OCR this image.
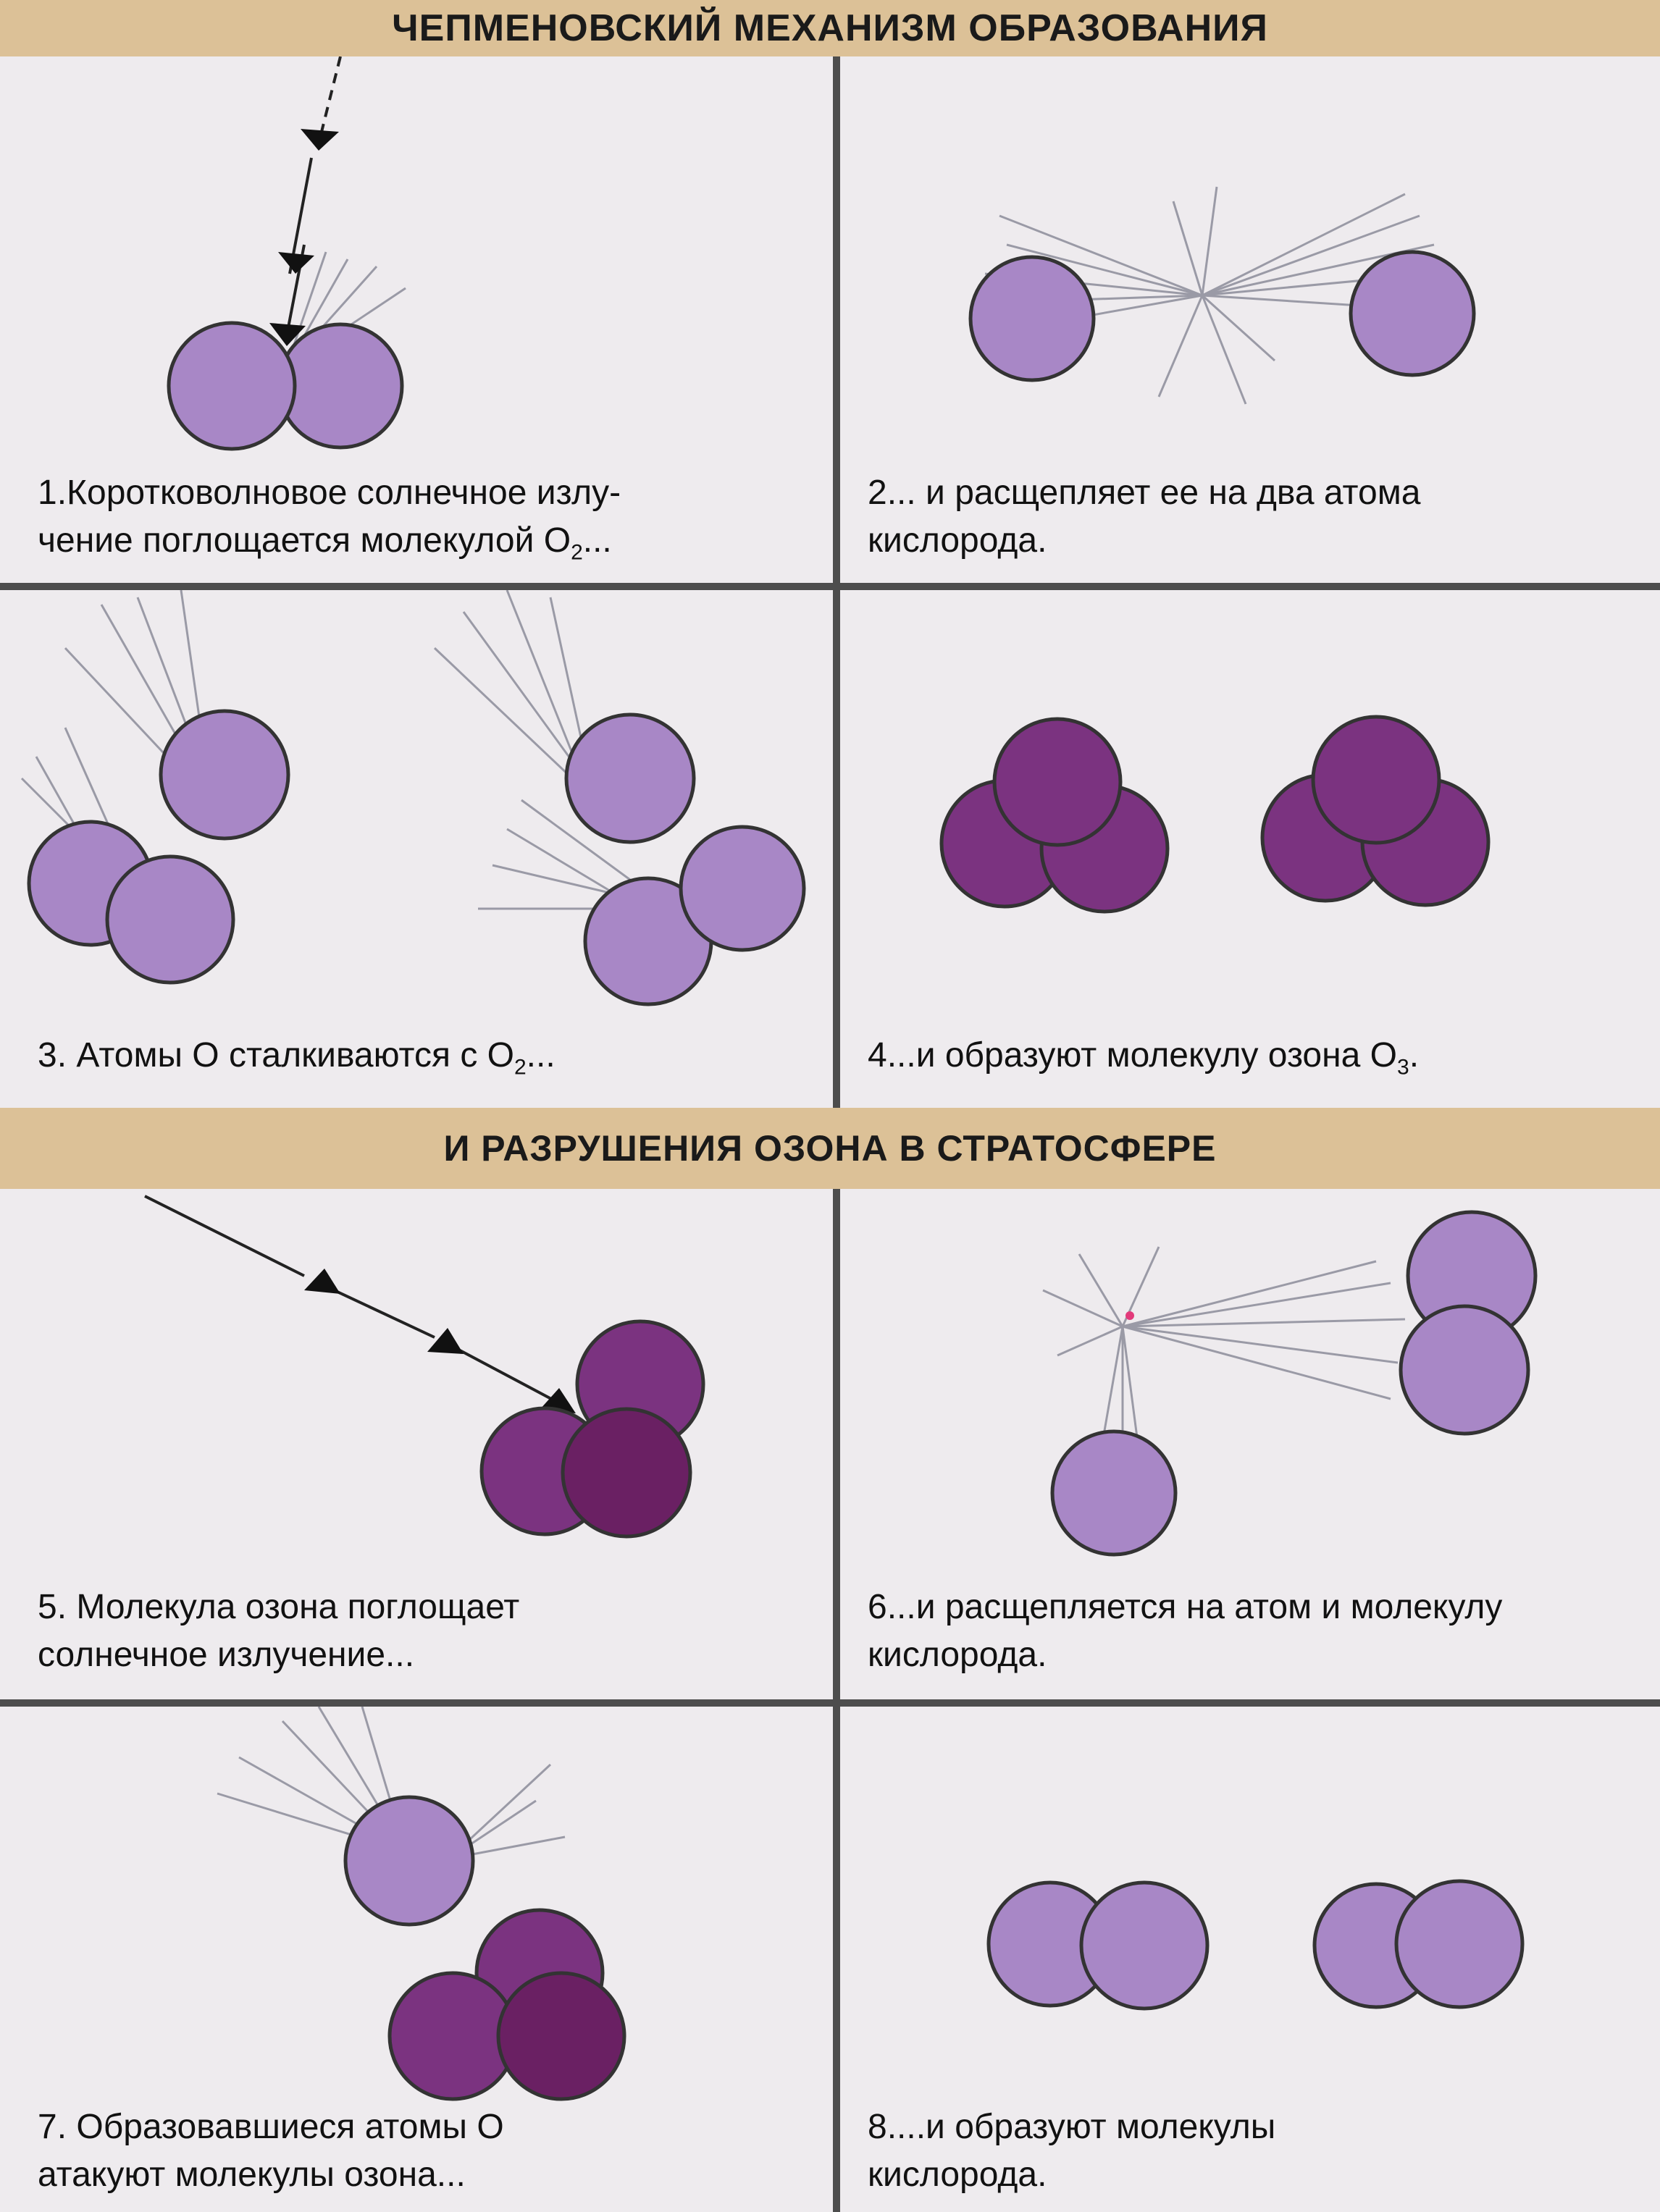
ЧЕПМЕНОВСКИЙ МЕХАНИЗМ ОБРАЗОВАНИЯ
1.Коротковолновое солнечное излу-
чение поглощается молекулой $O_2$...
2... и расщепляет ее на два атома
кислорода.
3. Атомы О сталкиваются с $O_2$...	4...и образуют молекулу озона $O_3$.
И РАЗРУШЕНИЯ ОЗОНА В СТРАТОСФЕРЕ
5. Молекула озона поглощает
солнечное излучение...
6...и расщепляется на атом и молекулу
кислорода.
7. Образовавшиеся атомы О
атакуют молекулы озона...
8....и образуют молекулы
кислорода.
